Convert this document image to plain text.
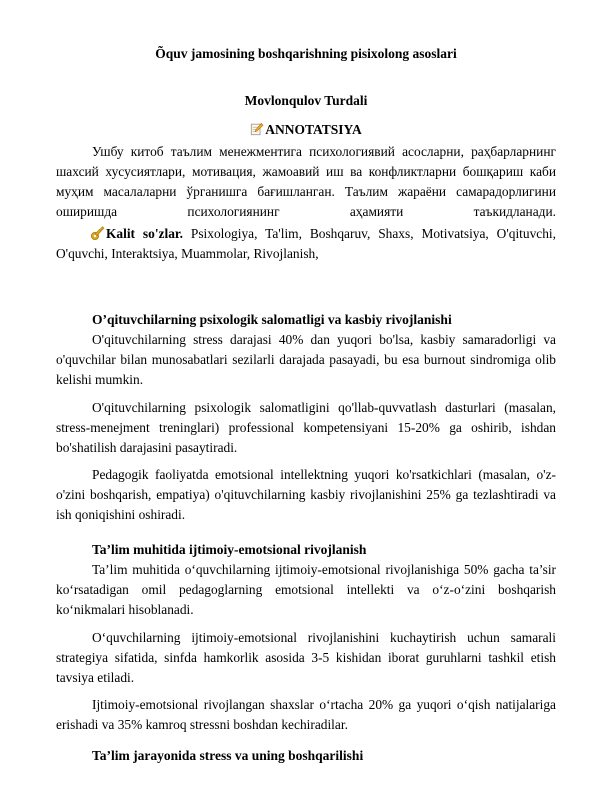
Õquv jamosining boshqarishning pisixolong asoslari
Movlonqulov Turdali
ANNOTATSIYA

Ушбу китоб таълим менежментига психологиявий асосларни, раҳбарларнинг шахсий хусусиятлари, мотивация, жамоавий иш ва конфликтларни бошқариш каби муҳим масалаларни ўрганишга бағишланган. Таълим жараёни самарадорлигини оширишда психологиянинг аҳамияти таъкидланади.

Kalit so'zlar. Psixologiya, Ta'lim, Boshqaruv, Shaxs, Motivatsiya, O'qituvchi, O'quvchi, Interaktsiya, Muammolar, Rivojlanish,

O’qituvchilarning psixologik salomatligi va kasbiy rivojlanishi

O'qituvchilarning stress darajasi 40% dan yuqori bo'lsa, kasbiy samaradorligi va o'quvchilar bilan munosabatlari sezilarli darajada pasayadi, bu esa burnout sindromiga olib kelishi mumkin.

O'qituvchilarning psixologik salomatligini qo'llab-quvvatlash dasturlari (masalan, stress-menejment treninglari) professional kompetensiyani 15-20% ga oshirib, ishdan bo'shatilish darajasini pasaytiradi.

Pedagogik faoliyatda emotsional intellektning yuqori ko'rsatkichlari (masalan, o'z-o'zini boshqarish, empatiya) o'qituvchilarning kasbiy rivojlanishini 25% ga tezlashtiradi va ish qoniqishini oshiradi.

Ta’lim muhitida ijtimoiy-emotsional rivojlanish

Ta’lim muhitida o‘quvchilarning ijtimoiy-emotsional rivojlanishiga 50% gacha ta’sir ko‘rsatadigan omil pedagoglarning emotsional intellekti va o‘z-o‘zini boshqarish ko‘nikmalari hisoblanadi.

O‘quvchilarning ijtimoiy-emotsional rivojlanishini kuchaytirish uchun samarali strategiya sifatida, sinfda hamkorlik asosida 3-5 kishidan iborat guruhlarni tashkil etish tavsiya etiladi.

Ijtimoiy-emotsional rivojlangan shaxslar o‘rtacha 20% ga yuqori o‘qish natijalariga erishadi va 35% kamroq stressni boshdan kechiradilar.

Ta’lim jarayonida stress va uning boshqarilishi
